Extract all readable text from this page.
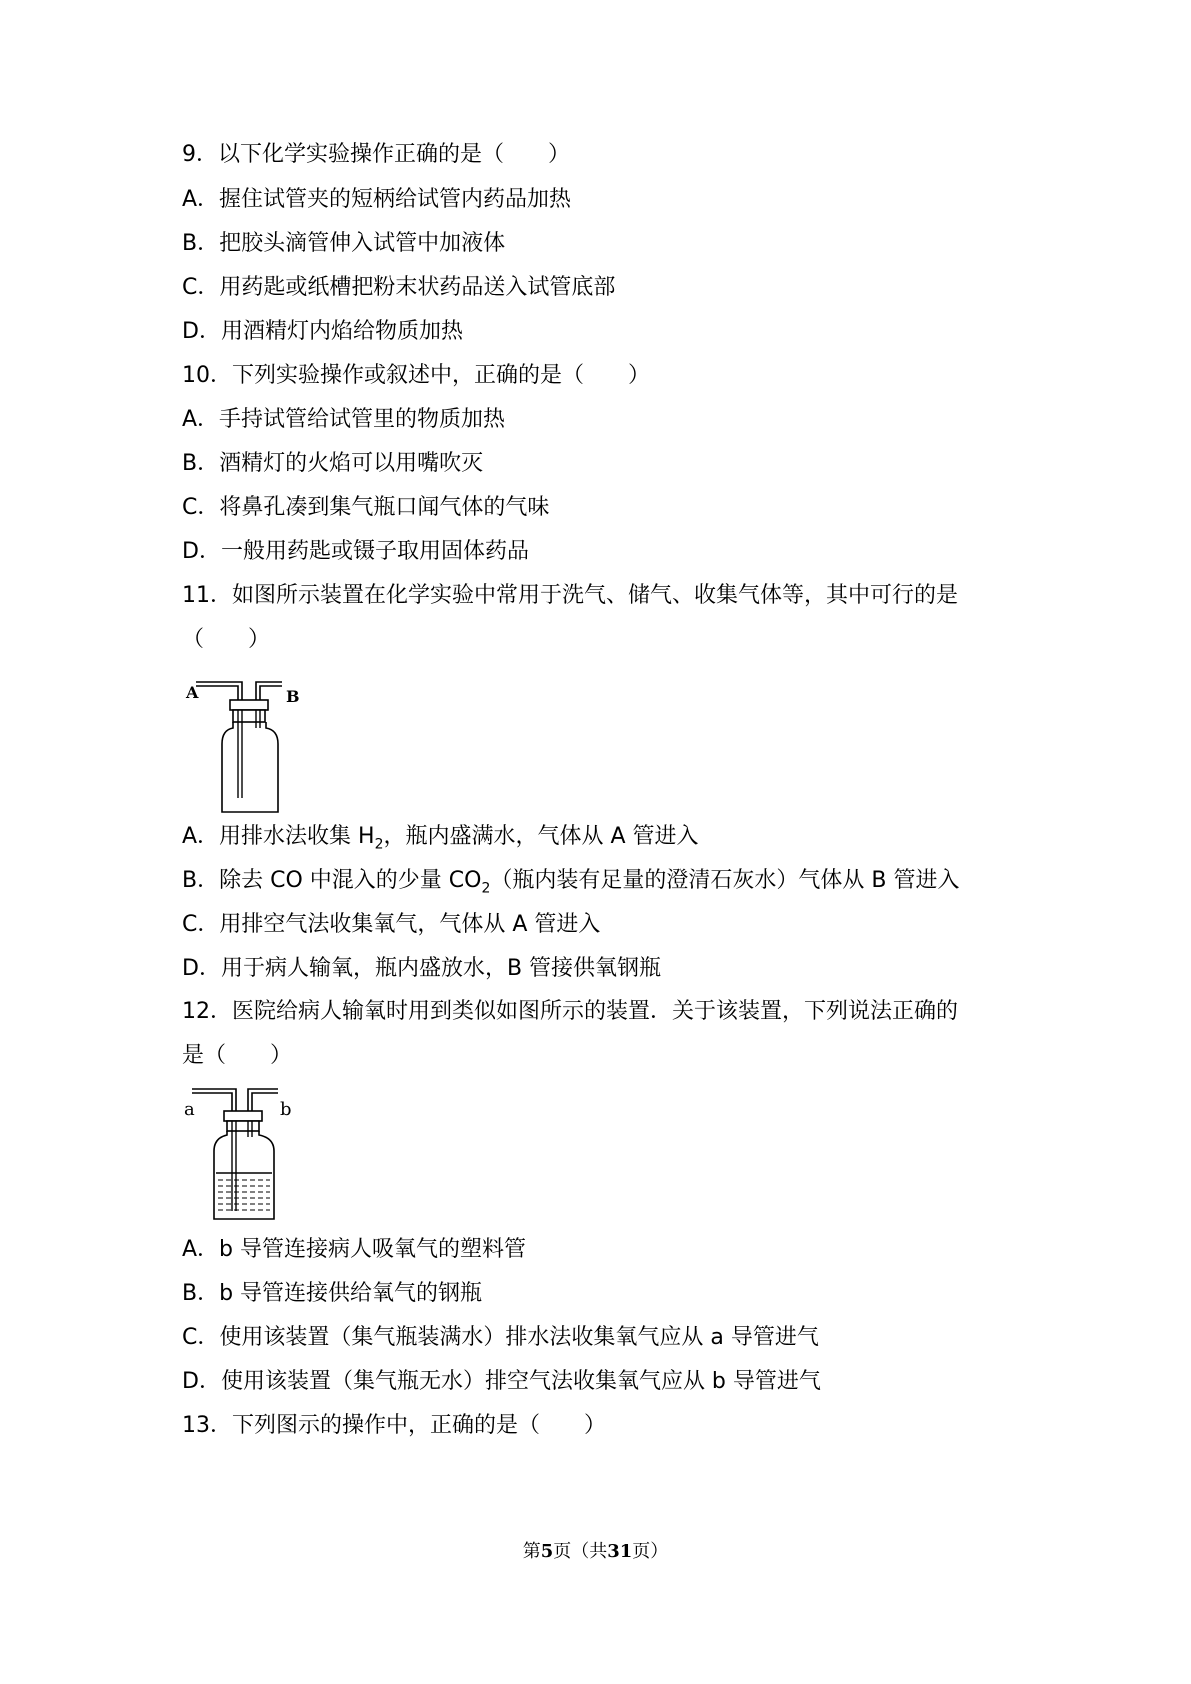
9．以下化学实验操作正确的是（　　）
A．握住试管夹的短柄给试管内药品加热
B．把胶头滴管伸入试管中加液体
C．用药匙或纸槽把粉末状药品送入试管底部
D．用酒精灯内焰给物质加热
10．下列实验操作或叙述中，正确的是（　　）
A．手持试管给试管里的物质加热
B．酒精灯的火焰可以用嘴吹灭
C．将鼻孔凑到集气瓶口闻气体的气味
D．一般用药匙或镊子取用固体药品
11．如图所示装置在化学实验中常用于洗气、储气、收集气体等，其中可行的是
（　　）
A	B
A．用排水法收集 $H_2$，瓶内盛满水，气体从 A 管进入
B．除去 CO 中混入的少量 $CO_2$（瓶内装有足量的澄清石灰水）气体从 B 管进入
C．用排空气法收集氧气，气体从 A 管进入
D．用于病人输氧，瓶内盛放水，B 管接供氧钢瓶
12．医院给病人输氧时用到类似如图所示的装置．关于该装置，下列说法正确的
是（　　）
a	b
A．b 导管连接病人吸氧气的塑料管
B．b 导管连接供给氧气的钢瓶
C．使用该装置（集气瓶装满水）排水法收集氧气应从 a 导管进气
D．使用该装置（集气瓶无水）排空气法收集氧气应从 b 导管进气
13．下列图示的操作中，正确的是（　　）
第5页（共31页）
